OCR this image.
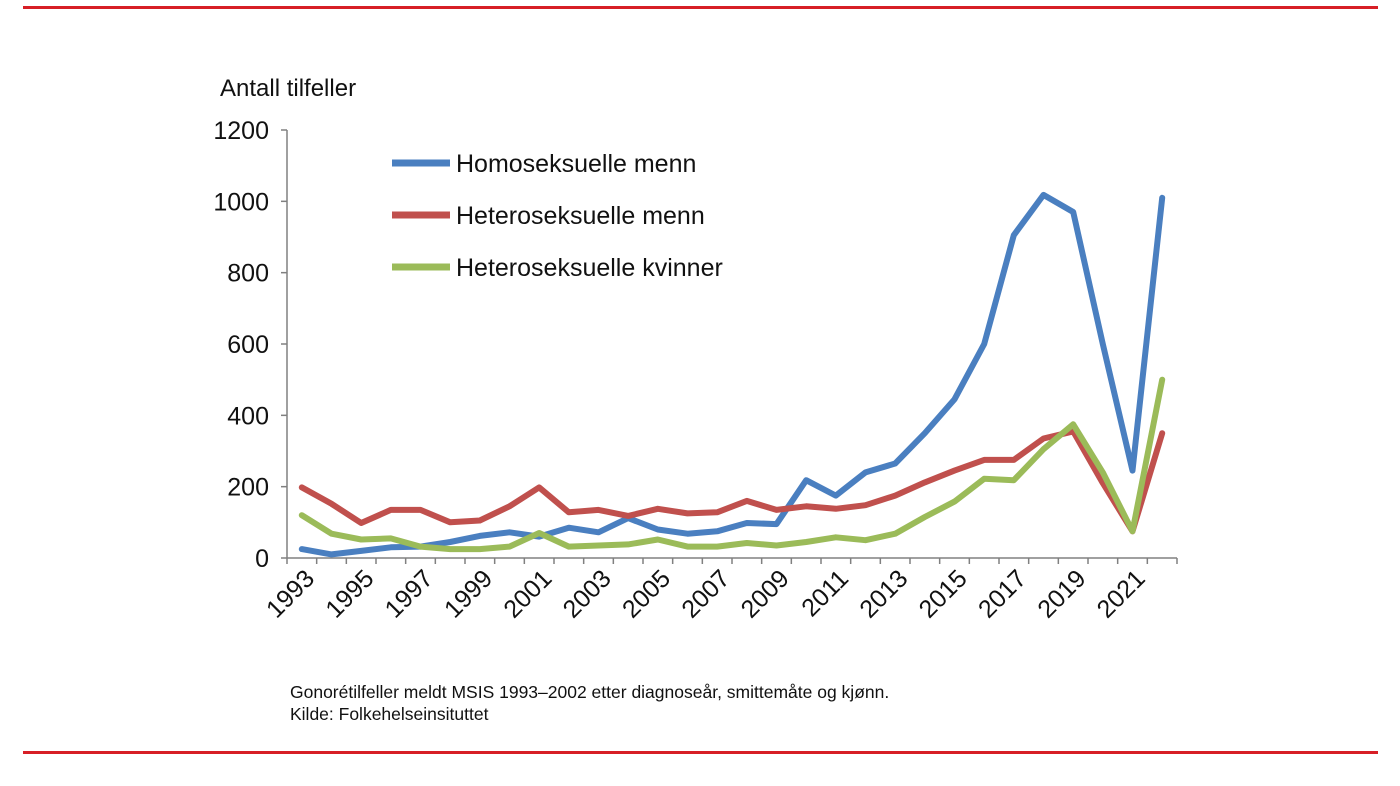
Antall tilfeller
0
200
400
600
800
1000
1200
1993 1995 1997 1999 2001 2003 2005 2007 2009 2011 2013 2015 2017 2019 2021
Homoseksuelle menn
Heteroseksuelle menn
Heteroseksuelle kvinner
Gonorétilfeller meldt MSIS 1993–2002 etter diagnoseår, smittemåte og kjønn.
Kilde: Folkehelseinsituttet
